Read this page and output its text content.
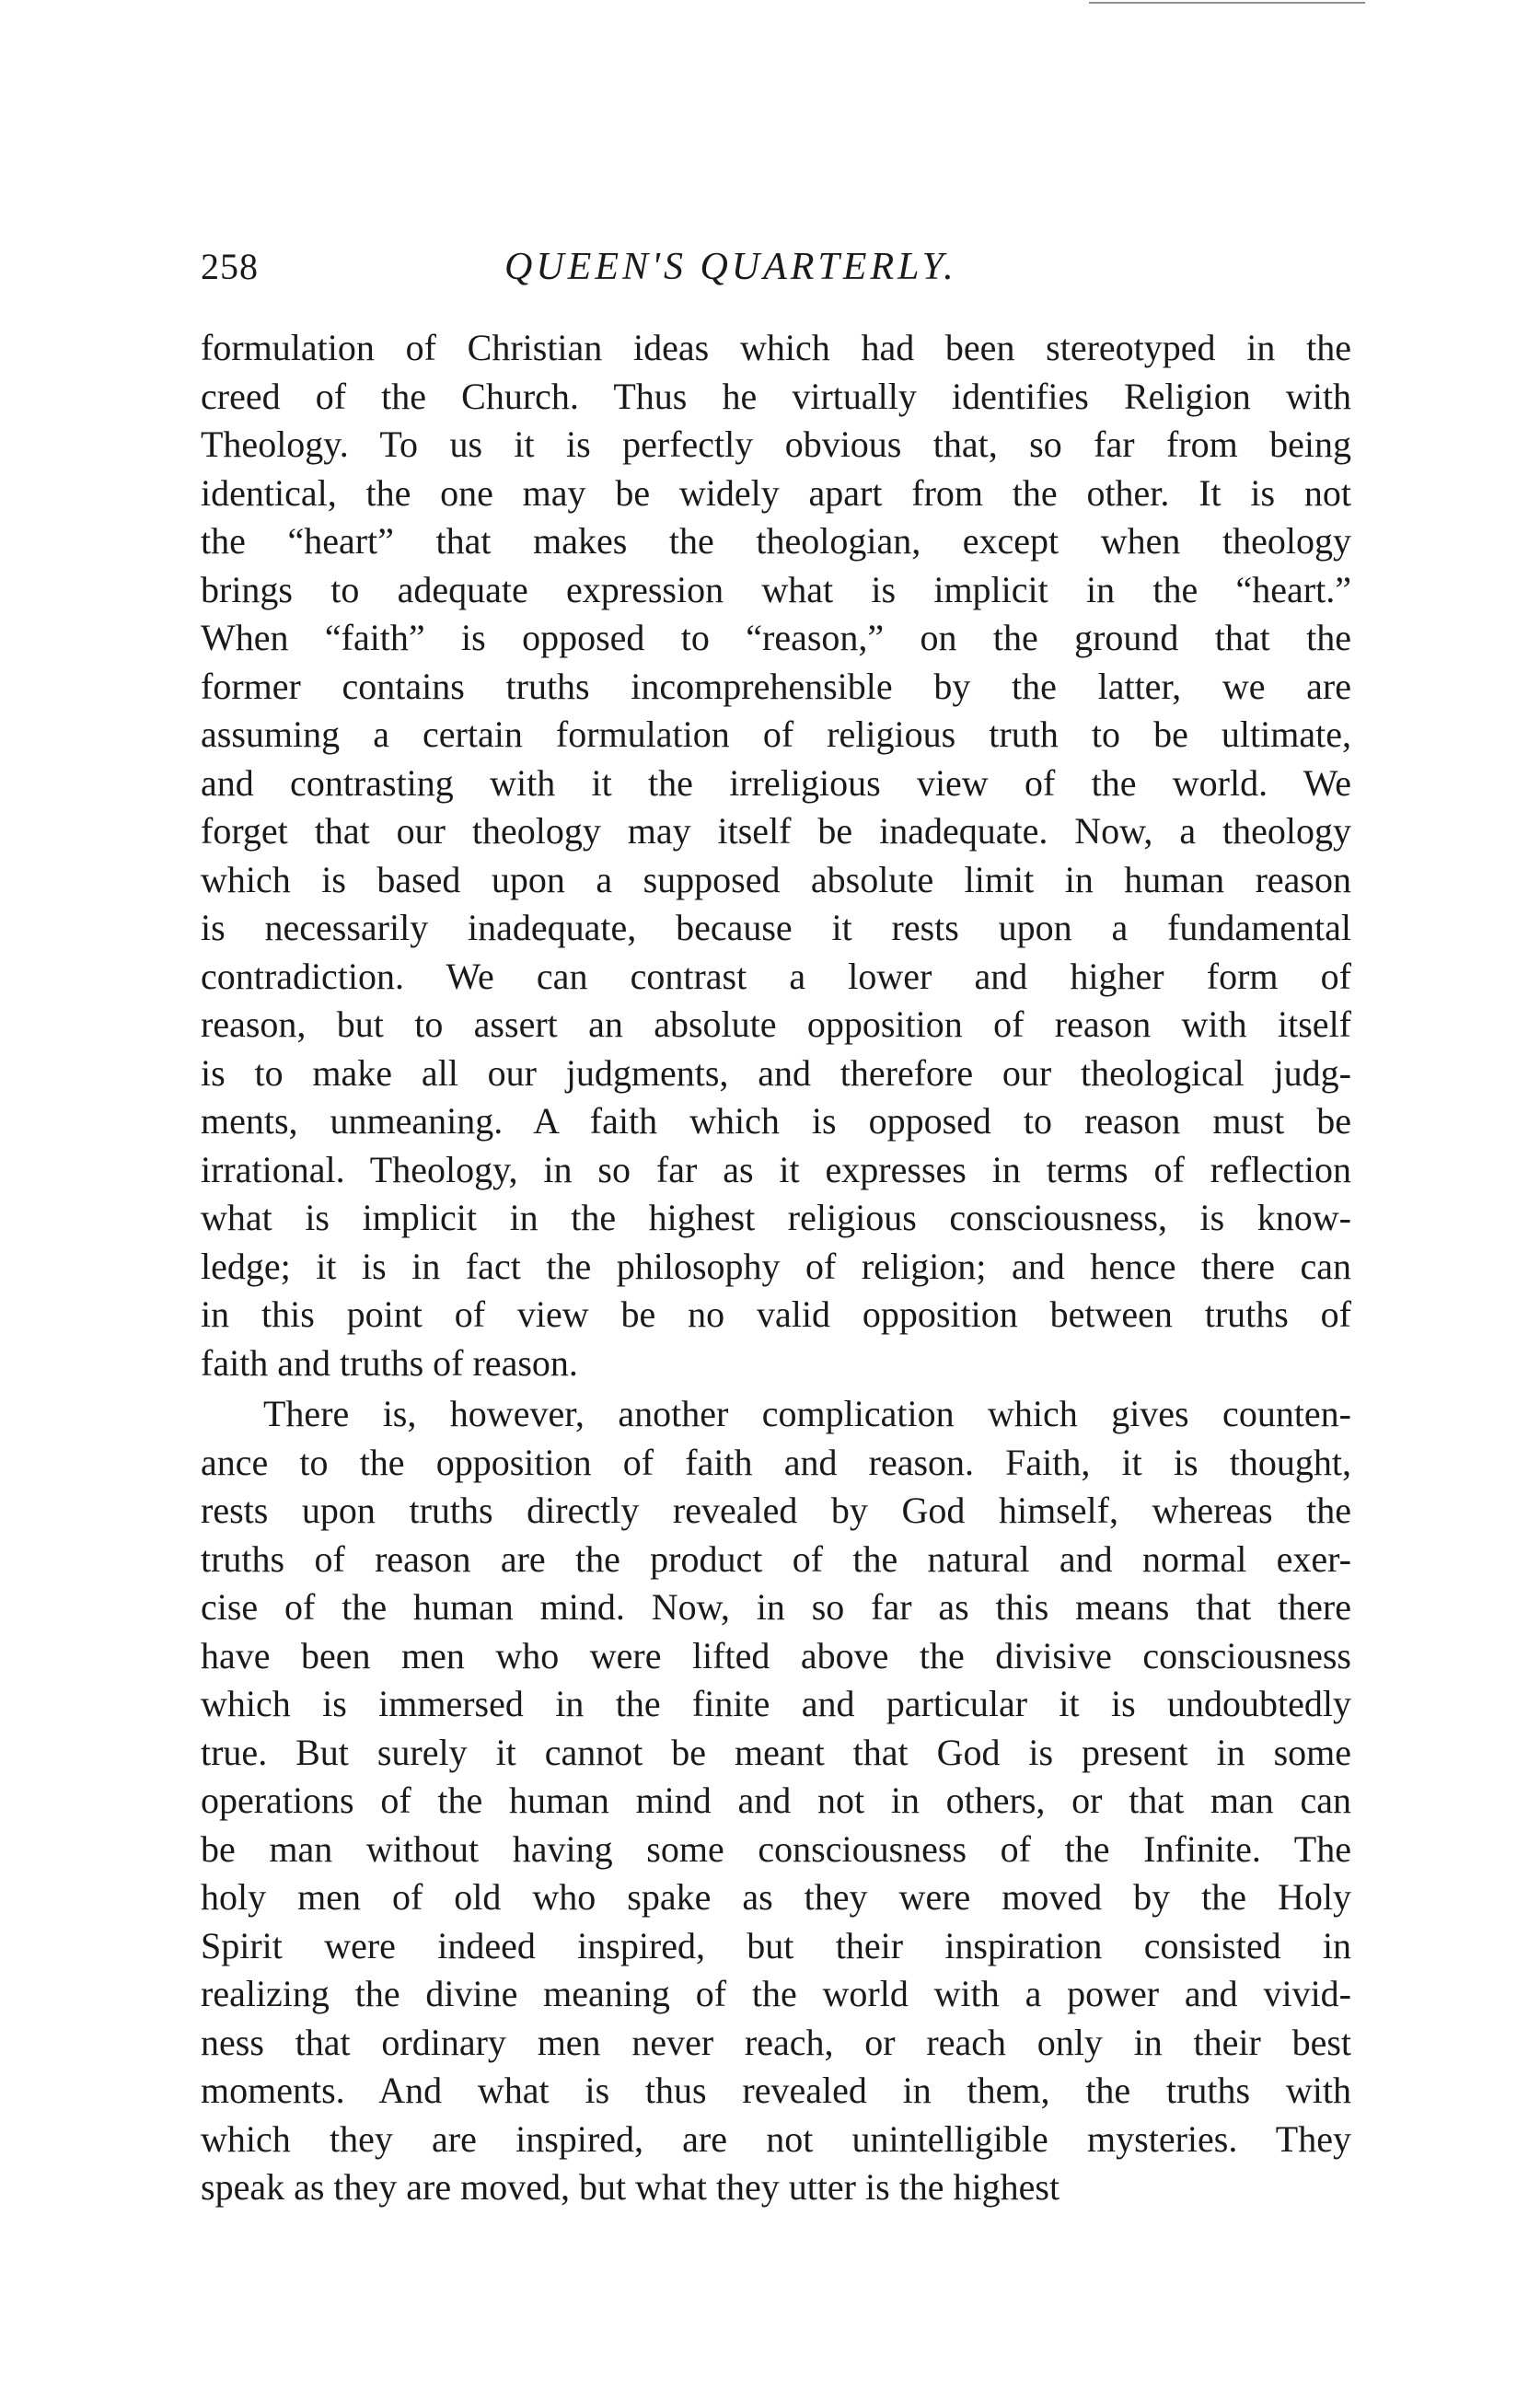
258	QUEEN'S QUARTERLY.
formulation of Christian ideas which had been stereotyped in the
creed of the Church. Thus he virtually identifies Religion with
Theology. To us it is perfectly obvious that, so far from being
identical, the one may be widely apart from the other. It is not
the “heart” that makes the theologian, except when theology
brings to adequate expression what is implicit in the “heart.”
When “faith” is opposed to “reason,” on the ground that the
former contains truths incomprehensible by the latter, we are
assuming a certain formulation of religious truth to be ultimate,
and contrasting with it the irreligious view of the world. We
forget that our theology may itself be inadequate. Now, a theology
which is based upon a supposed absolute limit in human reason
is necessarily inadequate, because it rests upon a fundamental
contradiction. We can contrast a lower and higher form of
reason, but to assert an absolute opposition of reason with itself
is to make all our judgments, and therefore our theological judg-
ments, unmeaning. A faith which is opposed to reason must be
irrational. Theology, in so far as it expresses in terms of reflection
what is implicit in the highest religious consciousness, is know-
ledge; it is in fact the philosophy of religion; and hence there can
in this point of view be no valid opposition between truths of
faith and truths of reason.
There is, however, another complication which gives counten-
ance to the opposition of faith and reason. Faith, it is thought,
rests upon truths directly revealed by God himself, whereas the
truths of reason are the product of the natural and normal exer-
cise of the human mind. Now, in so far as this means that there
have been men who were lifted above the divisive consciousness
which is immersed in the finite and particular it is undoubtedly
true. But surely it cannot be meant that God is present in some
operations of the human mind and not in others, or that man can
be man without having some consciousness of the Infinite. The
holy men of old who spake as they were moved by the Holy
Spirit were indeed inspired, but their inspiration consisted in
realizing the divine meaning of the world with a power and vivid-
ness that ordinary men never reach, or reach only in their best
moments. And what is thus revealed in them, the truths with
which they are inspired, are not unintelligible mysteries. They
speak as they are moved, but what they utter is the highest
